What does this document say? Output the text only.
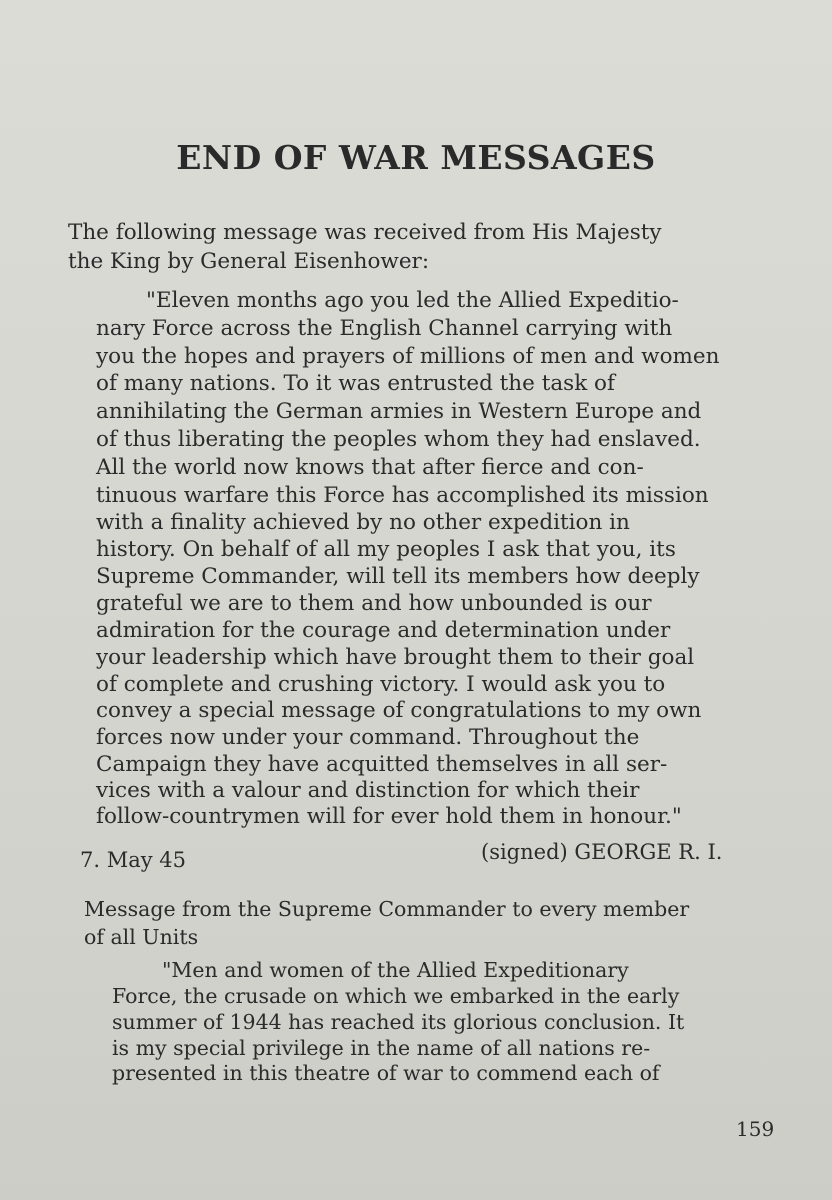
END OF WAR MESSAGES
The following message was received from His Majesty
the King by General Eisenhower:
"Eleven months ago you led the Allied Expeditio-
nary Force across the English Channel carrying with
you the hopes and prayers of millions of men and women
of many nations. To it was entrusted the task of
annihilating the German armies in Western Europe and
of thus liberating the peoples whom they had enslaved.
All the world now knows that after fierce and con-
tinuous warfare this Force has accomplished its mission
with a finality achieved by no other expedition in
history. On behalf of all my peoples I ask that you, its
Supreme Commander, will tell its members how deeply
grateful we are to them and how unbounded is our
admiration for the courage and determination under
your leadership which have brought them to their goal
of complete and crushing victory. I would ask you to
convey a special message of congratulations to my own
forces now under your command. Throughout the
Campaign they have acquitted themselves in all ser-
vices with a valour and distinction for which their
follow-countrymen will for ever hold them in honour."
7. May 45	(signed) GEORGE R. I.
Message from the Supreme Commander to every member
of all Units
"Men and women of the Allied Expeditionary
Force, the crusade on which we embarked in the early
summer of 1944 has reached its glorious conclusion. It
is my special privilege in the name of all nations re-
presented in this theatre of war to commend each of
159
